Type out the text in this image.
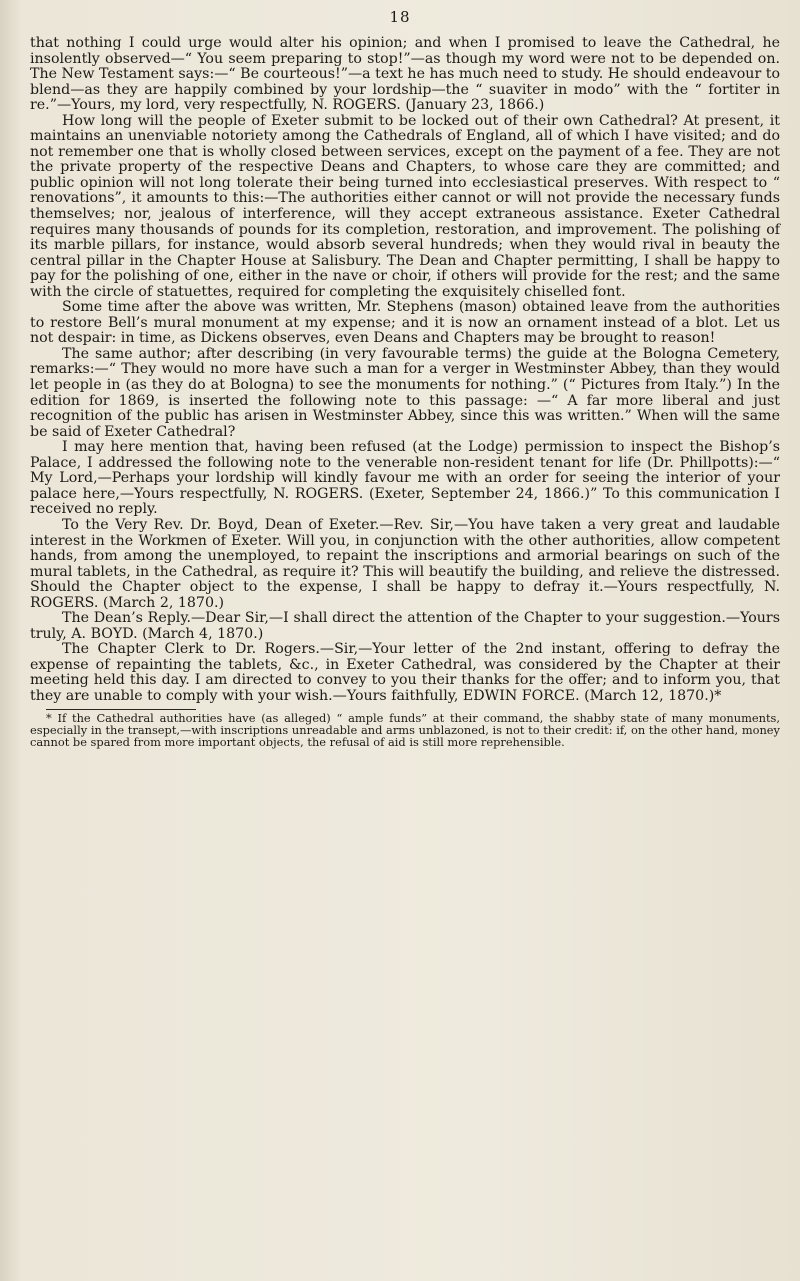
18

that nothing I could urge would alter his opinion; and when I promised to leave the Cathedral, he insolently observed—“ You seem preparing to stop!”—as though my word were not to be depended on. The New Testament says:—“ Be courteous!”—a text he has much need to study. He should endeavour to blend—as they are happily combined by your lordship—the “ suaviter in modo” with the “ fortiter in re.”—Yours, my lord, very respectfully, N. ROGERS. (January 23, 1866.)

How long will the people of Exeter submit to be locked out of their own Cathedral? At present, it maintains an unenviable notoriety among the Cathedrals of England, all of which I have visited; and do not remember one that is wholly closed between services, except on the payment of a fee. They are not the private property of the respective Deans and Chapters, to whose care they are committed; and public opinion will not long tolerate their being turned into ecclesiastical preserves. With respect to “ renovations”, it amounts to this:—The authorities either cannot or will not provide the necessary funds themselves; nor, jealous of interference, will they accept extraneous assistance. Exeter Cathedral requires many thousands of pounds for its completion, restoration, and improvement. The polishing of its marble pillars, for instance, would absorb several hundreds; when they would rival in beauty the central pillar in the Chapter House at Salisbury. The Dean and Chapter permitting, I shall be happy to pay for the polishing of one, either in the nave or choir, if others will provide for the rest; and the same with the circle of statuettes, required for completing the exquisitely chiselled font.

Some time after the above was written, Mr. Stephens (mason) obtained leave from the authorities to restore Bell’s mural monument at my expense; and it is now an ornament instead of a blot. Let us not despair: in time, as Dickens observes, even Deans and Chapters may be brought to reason!

The same author; after describing (in very favourable terms) the guide at the Bologna Cemetery, remarks:—“ They would no more have such a man for a verger in Westminster Abbey, than they would let people in (as they do at Bologna) to see the monuments for nothing.” (“ Pictures from Italy.”) In the edition for 1869, is inserted the following note to this passage: —“ A far more liberal and just recognition of the public has arisen in Westminster Abbey, since this was written.” When will the same be said of Exeter Cathedral?

I may here mention that, having been refused (at the Lodge) permission to inspect the Bishop’s Palace, I addressed the following note to the venerable non-resident tenant for life (Dr. Phillpotts):—“ My Lord,—Perhaps your lordship will kindly favour me with an order for seeing the interior of your palace here,—Yours respectfully, N. ROGERS. (Exeter, September 24, 1866.)” To this communication I received no reply.

To the Very Rev. Dr. Boyd, Dean of Exeter.—Rev. Sir,—You have taken a very great and laudable interest in the Workmen of Exeter. Will you, in conjunction with the other authorities, allow competent hands, from among the unemployed, to repaint the inscriptions and armorial bearings on such of the mural tablets, in the Cathedral, as require it? This will beautify the building, and relieve the distressed. Should the Chapter object to the expense, I shall be happy to defray it.—Yours respectfully, N. ROGERS. (March 2, 1870.)

The Dean’s Reply.—Dear Sir,—I shall direct the attention of the Chapter to your suggestion.—Yours truly, A. BOYD. (March 4, 1870.)

The Chapter Clerk to Dr. Rogers.—Sir,—Your letter of the 2nd instant, offering to defray the expense of repainting the tablets, &c., in Exeter Cathedral, was considered by the Chapter at their meeting held this day. I am directed to convey to you their thanks for the offer; and to inform you, that they are unable to comply with your wish.—Yours faithfully, EDWIN FORCE. (March 12, 1870.)*

* If the Cathedral authorities have (as alleged) “ ample funds” at their command, the shabby state of many monuments, especially in the transept,—with inscriptions unreadable and arms unblazoned, is not to their credit: if, on the other hand, money cannot be spared from more important objects, the refusal of aid is still more reprehensible.
